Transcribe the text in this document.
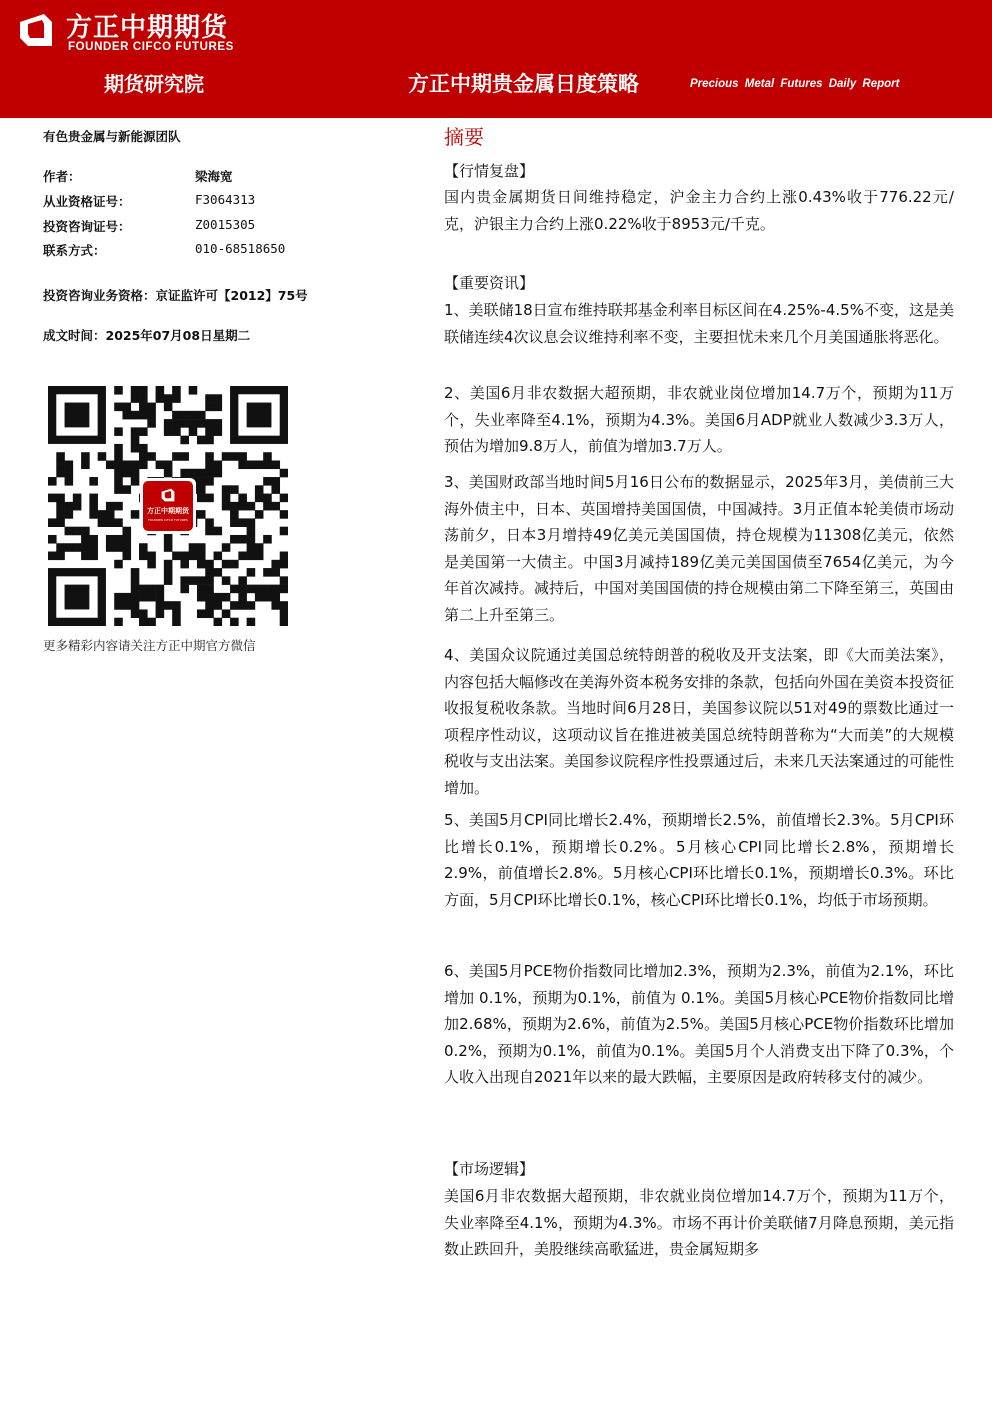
方正中期期货
FOUNDER CIFCO FUTURES
期货研究院	方正中期贵金属日度策略	Precious Metal Futures Daily Report
有色贵金属与新能源团队
作者：	梁海宽
从业资格证号：	F3064313
投资咨询证号：	Z0015305
联系方式：	010-68518650
投资咨询业务资格：京证监许可【2012】75号
成文时间：2025年07月08日星期二
方正中期期货
FOUNDER CIFCO FUTURES
更多精彩内容请关注方正中期官方微信
摘要
【行情复盘】
国内贵金属期货日间维持稳定，沪金主力合约上涨0.43%收于776.22元/克，沪银主力合约上涨0.22%收于8953元/千克。
【重要资讯】
1、美联储18日宣布维持联邦基金利率目标区间在4.25%-4.5%不变，这是美联储连续4次议息会议维持利率不变，主要担忧未来几个月美国通胀将恶化。
2、美国6月非农数据大超预期，非农就业岗位增加14.7万个，预期为11万个，失业率降至4.1%，预期为4.3%。美国6月ADP就业人数减少3.3万人，预估为增加9.8万人，前值为增加3.7万人。
3、美国财政部当地时间5月16日公布的数据显示，2025年3月，美债前三大海外债主中，日本、英国增持美国国债，中国减持。3月正值本轮美债市场动荡前夕，日本3月增持49亿美元美国国债，持仓规模为11308亿美元，依然是美国第一大债主。中国3月减持189亿美元美国国债至7654亿美元，为今年首次减持。减持后，中国对美国国债的持仓规模由第二下降至第三，英国由第二上升至第三。
4、美国众议院通过美国总统特朗普的税收及开支法案，即《大而美法案》，内容包括大幅修改在美海外资本税务安排的条款，包括向外国在美资本投资征收报复税收条款。当地时间6月28日，美国参议院以51对49的票数比通过一项程序性动议，这项动议旨在推进被美国总统特朗普称为“大而美”的大规模税收与支出法案。美国参议院程序性投票通过后，未来几天法案通过的可能性增加。
5、美国5月CPI同比增长2.4%，预期增长2.5%，前值增长2.3%。5月CPI环比增长0.1%，预期增长0.2%。5月核心CPI同比增长2.8%，预期增长2.9%，前值增长2.8%。5月核心CPI环比增长0.1%，预期增长0.3%。环比方面，5月CPI环比增长0.1%，核心CPI环比增长0.1%，均低于市场预期。
6、美国5月PCE物价指数同比增加2.3%，预期为2.3%，前值为2.1%，环比增加 0.1%，预期为0.1%，前值为 0.1%。美国5月核心PCE物价指数同比增加2.68%，预期为2.6%，前值为2.5%。美国5月核心PCE物价指数环比增加0.2%，预期为0.1%，前值为0.1%。美国5月个人消费支出下降了0.3%，个人收入出现自2021年以来的最大跌幅，主要原因是政府转移支付的减少。
【市场逻辑】
美国6月非农数据大超预期，非农就业岗位增加14.7万个，预期为11万个，失业率降至4.1%，预期为4.3%。市场不再计价美联储7月降息预期，美元指数止跌回升，美股继续高歌猛进，贵金属短期多
